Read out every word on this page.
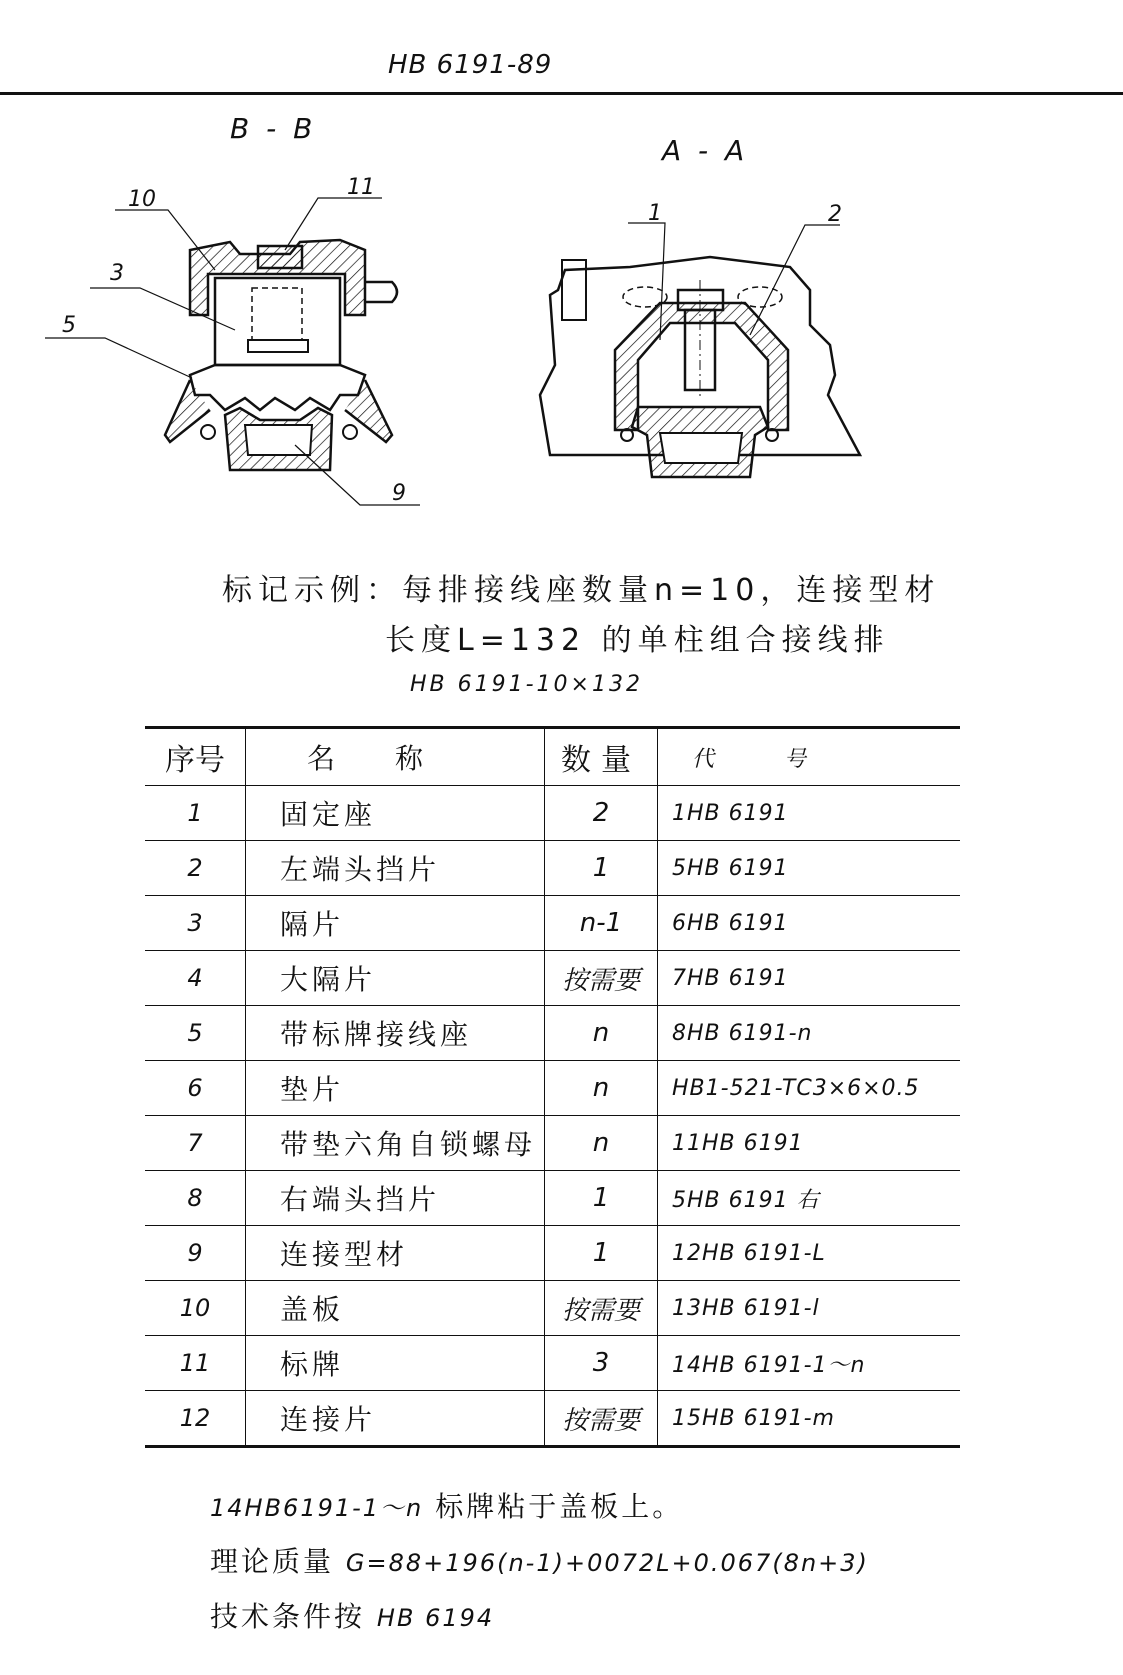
HB 6191-89
B - B
A - A
10	11
3
5
9
1	2
标记示例：每排接线座数量n=10，连接型材
长度L=132 的单柱组合接线排
HB 6191-10×132
序号	名称	数量	代号
1	固定座	2	1HB 6191
2	左端头挡片	1	5HB 6191
3	隔片	n-1	6HB 6191
4	大隔片	按需要	7HB 6191
5	带标牌接线座	n	8HB 6191-n
6	垫片	n	HB1-521-TC3×6×0.5
7	带垫六角自锁螺母	n	11HB 6191
8	右端头挡片	1	5HB 6191 右
9	连接型材	1	12HB 6191-L
10	盖板	按需要	13HB 6191-l
11	标牌	3	14HB 6191-1～n
12	连接片	按需要	15HB 6191-m
14HB6191-1～n 标牌粘于盖板上。
理论质量 G=88+196(n-1)+0072L+0.067(8n+3)
技术条件按 HB 6194
